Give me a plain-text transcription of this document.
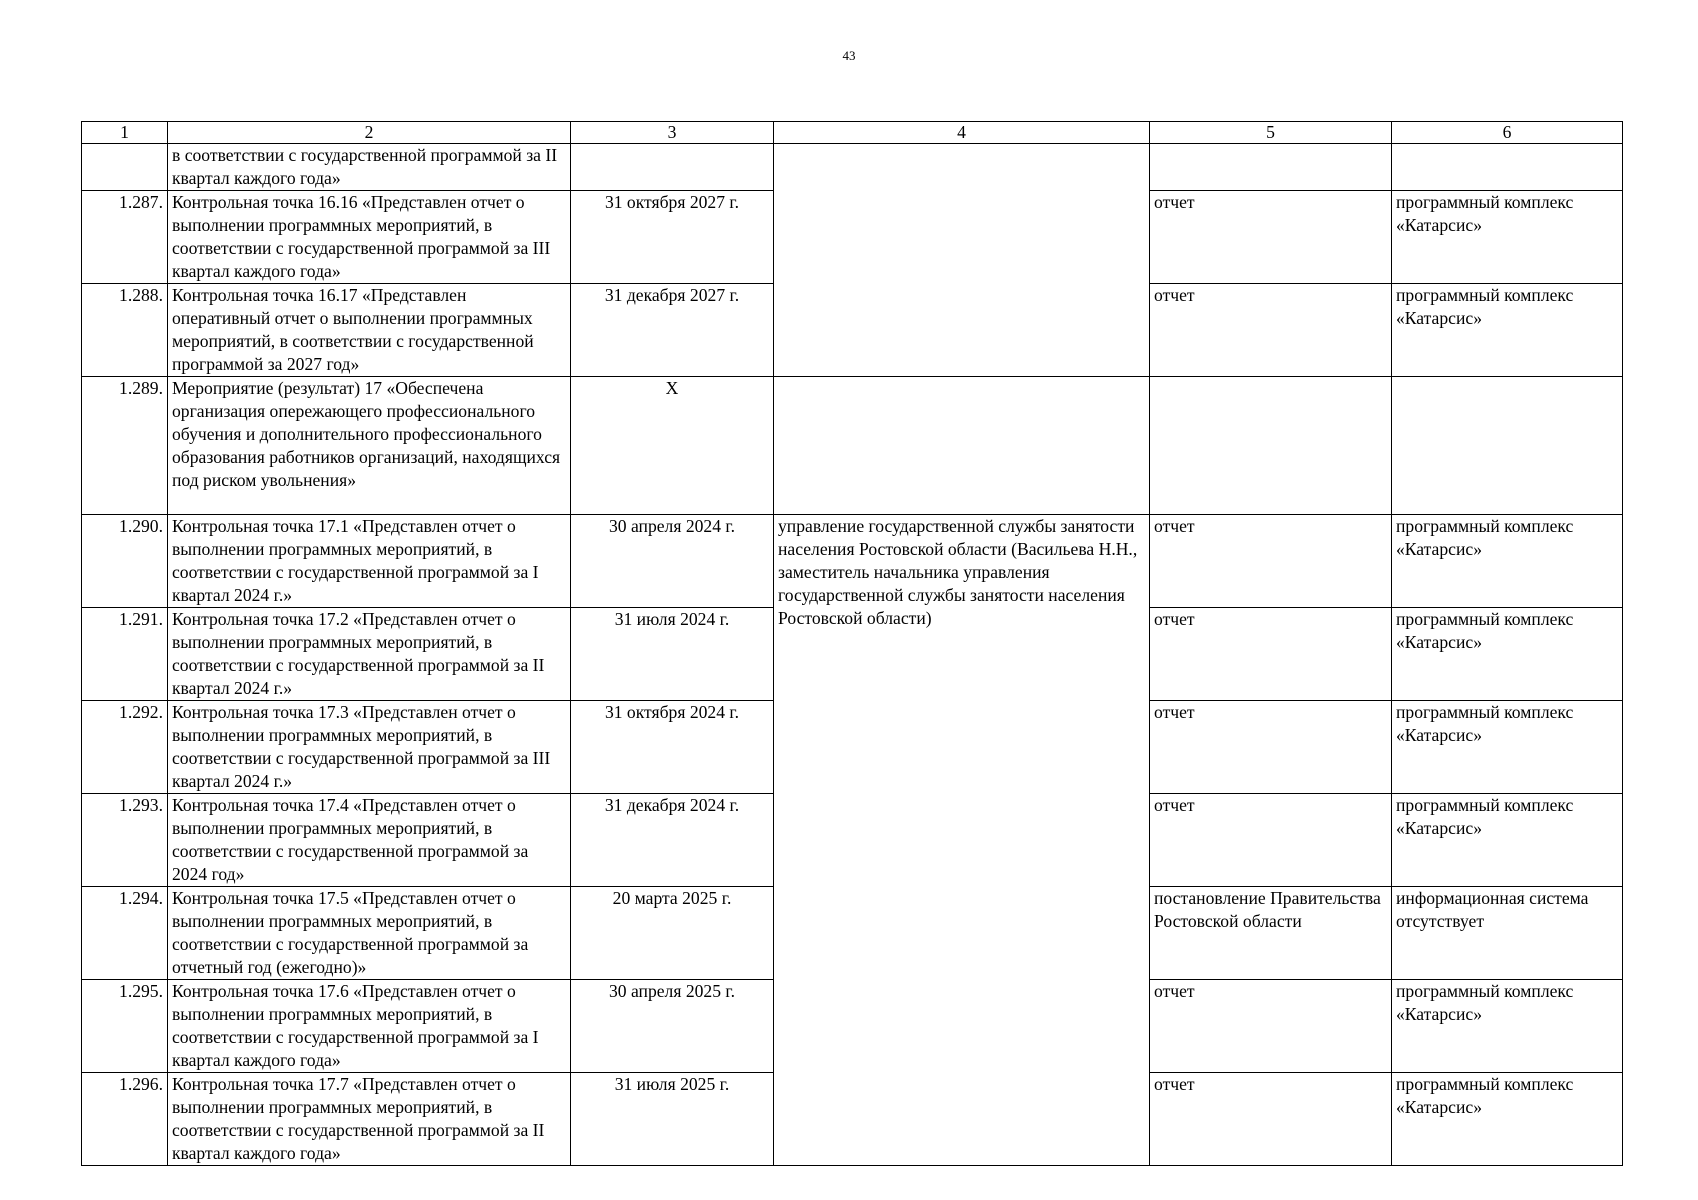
43
1	2	3	4	5	6
	в соответствии с государственной программой за II квартал каждого года»				
1.287.	Контрольная точка 16.16 «Представлен отчет о выполнении программных мероприятий, в соответствии с государственной программой за III квартал каждого года»	31 октября 2027 г.		отчет	программный комплекс «Катарсис»
1.288.	Контрольная точка 16.17 «Представлен оперативный отчет о выполнении программных мероприятий, в соответствии с государственной программой за 2027 год»	31 декабря 2027 г.		отчет	программный комплекс «Катарсис»
1.289.	Мероприятие (результат) 17 «Обеспечена организация опережающего профессионального обучения и дополнительного профессионального образования работников организаций, находящихся под риском увольнения»	Х			
1.290.	Контрольная точка 17.1 «Представлен отчет о выполнении программных мероприятий, в соответствии с государственной программой за I квартал 2024 г.»	30 апреля 2024 г.	управление государственной службы занятости населения Ростовской области (Васильева Н.Н., заместитель начальника управления государственной службы занятости населения Ростовской области)	отчет	программный комплекс «Катарсис»
1.291.	Контрольная точка 17.2 «Представлен отчет о выполнении программных мероприятий, в соответствии с государственной программой за II квартал 2024 г.»	31 июля 2024 г.		отчет	программный комплекс «Катарсис»
1.292.	Контрольная точка 17.3 «Представлен отчет о выполнении программных мероприятий, в соответствии с государственной программой за III квартал 2024 г.»	31 октября 2024 г.		отчет	программный комплекс «Катарсис»
1.293.	Контрольная точка 17.4 «Представлен отчет о выполнении программных мероприятий, в соответствии с государственной программой за 2024 год»	31 декабря 2024 г.		отчет	программный комплекс «Катарсис»
1.294.	Контрольная точка 17.5 «Представлен отчет о выполнении программных мероприятий, в соответствии с государственной программой за отчетный год (ежегодно)»	20 марта 2025 г.		постановление Правительства Ростовской области	информационная система отсутствует
1.295.	Контрольная точка 17.6 «Представлен отчет о выполнении программных мероприятий, в соответствии с государственной программой за I квартал каждого года»	30 апреля 2025 г.		отчет	программный комплекс «Катарсис»
1.296.	Контрольная точка 17.7 «Представлен отчет о выполнении программных мероприятий, в соответствии с государственной программой за II квартал каждого года»	31 июля 2025 г.		отчет	программный комплекс «Катарсис»
